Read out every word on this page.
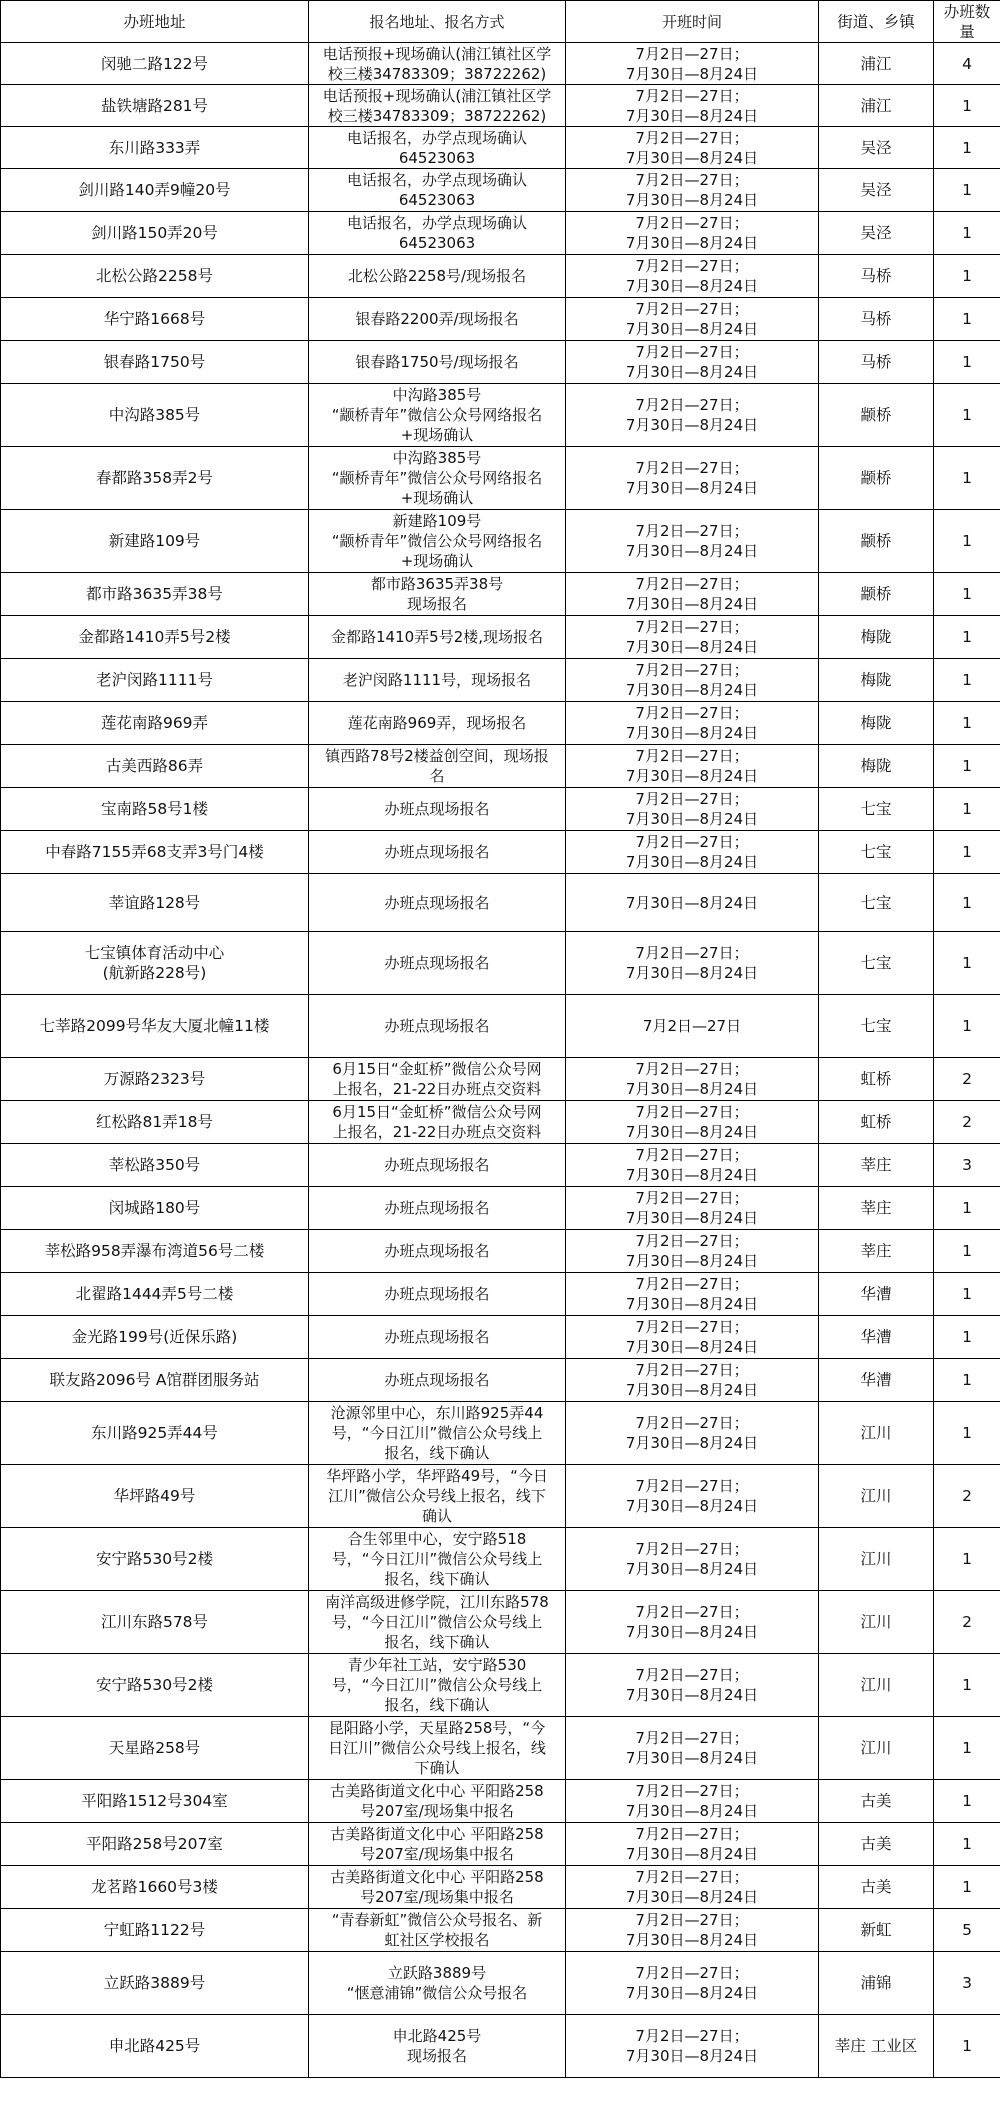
办班地址	报名地址、报名方式	开班时间	街道、乡镇	办班数
量
闵驰二路122号	电话预报+现场确认(浦江镇社区学
校三楼34783309；38722262)	7月2日—27日；
7月30日—8月24日	浦江	4
盐铁塘路281号	电话预报+现场确认(浦江镇社区学
校三楼34783309；38722262)	7月2日—27日；
7月30日—8月24日	浦江	1
东川路333弄	电话报名，办学点现场确认
64523063	7月2日—27日；
7月30日—8月24日	吴泾	1
剑川路140弄9幢20号	电话报名，办学点现场确认
64523063	7月2日—27日；
7月30日—8月24日	吴泾	1
剑川路150弄20号	电话报名，办学点现场确认
64523063	7月2日—27日；
7月30日—8月24日	吴泾	1
北松公路2258号	北松公路2258号/现场报名	7月2日—27日；
7月30日—8月24日	马桥	1
华宁路1668号	银春路2200弄/现场报名	7月2日—27日；
7月30日—8月24日	马桥	1
银春路1750号	银春路1750号/现场报名	7月2日—27日；
7月30日—8月24日	马桥	1
中沟路385号	中沟路385号
“颛桥青年”微信公众号网络报名
+现场确认	7月2日—27日；
7月30日—8月24日	颛桥	1
春都路358弄2号	中沟路385号
“颛桥青年”微信公众号网络报名
+现场确认	7月2日—27日；
7月30日—8月24日	颛桥	1
新建路109号	新建路109号
“颛桥青年”微信公众号网络报名
+现场确认	7月2日—27日；
7月30日—8月24日	颛桥	1
都市路3635弄38号	都市路3635弄38号
现场报名	7月2日—27日；
7月30日—8月24日	颛桥	1
金都路1410弄5号2楼	金都路1410弄5号2楼,现场报名	7月2日—27日；
7月30日—8月24日	梅陇	1
老沪闵路1111号	老沪闵路1111号，现场报名	7月2日—27日；
7月30日—8月24日	梅陇	1
莲花南路969弄	莲花南路969弄，现场报名	7月2日—27日；
7月30日—8月24日	梅陇	1
古美西路86弄	镇西路78号2楼益创空间，现场报
名	7月2日—27日；
7月30日—8月24日	梅陇	1
宝南路58号1楼	办班点现场报名	7月2日—27日；
7月30日—8月24日	七宝	1
中春路7155弄68支弄3号门4楼	办班点现场报名	7月2日—27日；
7月30日—8月24日	七宝	1
莘谊路128号	办班点现场报名	7月30日—8月24日	七宝	1
七宝镇体育活动中心
(航新路228号)	办班点现场报名	7月2日—27日；
7月30日—8月24日	七宝	1
七莘路2099号华友大厦北幢11楼	办班点现场报名	7月2日—27日	七宝	1
万源路2323号	6月15日“金虹桥”微信公众号网
上报名，21-22日办班点交资料	7月2日—27日；
7月30日—8月24日	虹桥	2
红松路81弄18号	6月15日“金虹桥”微信公众号网
上报名，21-22日办班点交资料	7月2日—27日；
7月30日—8月24日	虹桥	2
莘松路350号	办班点现场报名	7月2日—27日；
7月30日—8月24日	莘庄	3
闵城路180号	办班点现场报名	7月2日—27日；
7月30日—8月24日	莘庄	1
莘松路958弄瀑布湾道56号二楼	办班点现场报名	7月2日—27日；
7月30日—8月24日	莘庄	1
北翟路1444弄5号二楼	办班点现场报名	7月2日—27日；
7月30日—8月24日	华漕	1
金光路199号(近保乐路)	办班点现场报名	7月2日—27日；
7月30日—8月24日	华漕	1
联友路2096号 A馆群团服务站	办班点现场报名	7月2日—27日；
7月30日—8月24日	华漕	1
东川路925弄44号	沧源邻里中心，东川路925弄44
号，“今日江川”微信公众号线上
报名，线下确认	7月2日—27日；
7月30日—8月24日	江川	1
华坪路49号	华坪路小学，华坪路49号，“今日
江川”微信公众号线上报名，线下
确认	7月2日—27日；
7月30日—8月24日	江川	2
安宁路530号2楼	合生邻里中心，安宁路518
号，“今日江川”微信公众号线上
报名，线下确认	7月2日—27日；
7月30日—8月24日	江川	1
江川东路578号	南洋高级进修学院，江川东路578
号，“今日江川”微信公众号线上
报名，线下确认	7月2日—27日；
7月30日—8月24日	江川	2
安宁路530号2楼	青少年社工站，安宁路530
号，“今日江川”微信公众号线上
报名，线下确认	7月2日—27日；
7月30日—8月24日	江川	1
天星路258号	昆阳路小学，天星路258号，“今
日江川”微信公众号线上报名，线
下确认	7月2日—27日；
7月30日—8月24日	江川	1
平阳路1512号304室	古美路街道文化中心 平阳路258
号207室/现场集中报名	7月2日—27日；
7月30日—8月24日	古美	1
平阳路258号207室	古美路街道文化中心 平阳路258
号207室/现场集中报名	7月2日—27日；
7月30日—8月24日	古美	1
龙茗路1660号3楼	古美路街道文化中心 平阳路258
号207室/现场集中报名	7月2日—27日；
7月30日—8月24日	古美	1
宁虹路1122号	“青春新虹”微信公众号报名、新
虹社区学校报名	7月2日—27日；
7月30日—8月24日	新虹	5
立跃路3889号	立跃路3889号
“惬意浦锦”微信公众号报名	7月2日—27日；
7月30日—8月24日	浦锦	3
申北路425号	申北路425号
现场报名	7月2日—27日；
7月30日—8月24日	莘庄 工业区	1
